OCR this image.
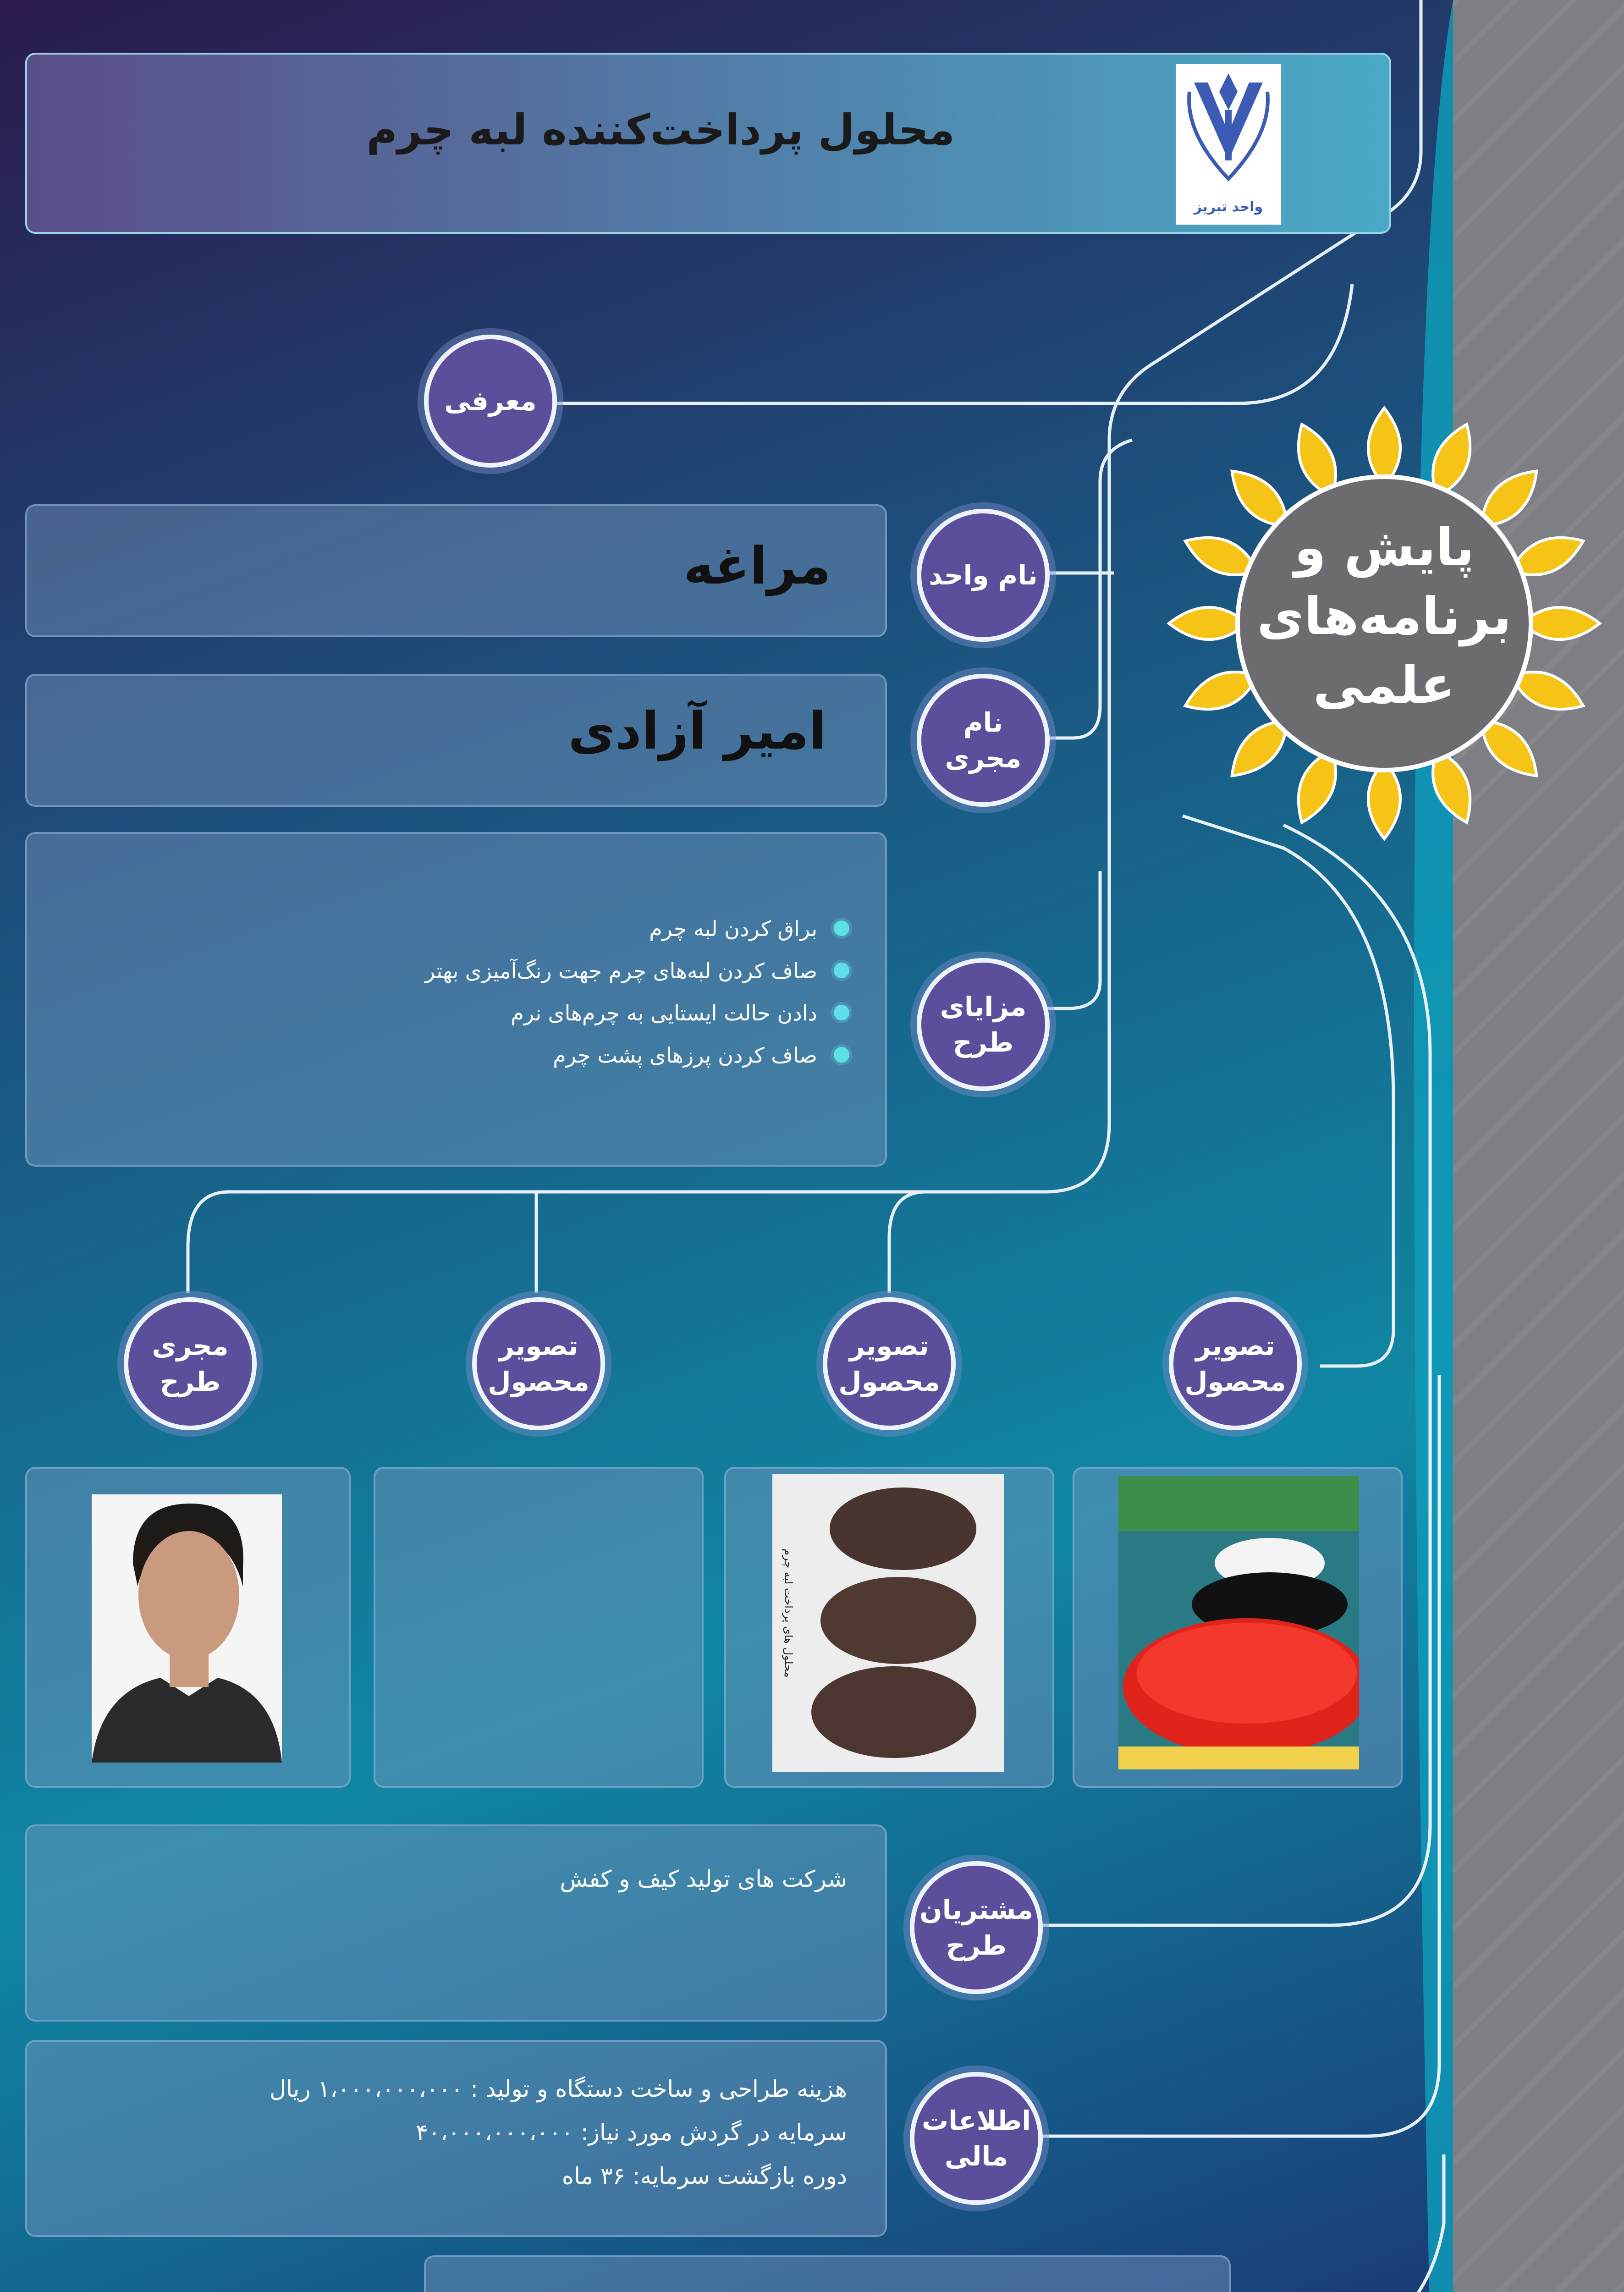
محلول پرداخت‌کننده لبه چرم
واحد تبریز
معرفی
پایش و برنامه‌های علمی
مراغه	نام واحد
امیر آزادی	نام مجری
براق کردن لبه چرم
صاف کردن لبه‌های چرم جهت رنگ‌آمیزی بهتر
دادن حالت ایستایی به چرم‌های نرم
صاف کردن پرزهای پشت چرم
مزایای
طرح
تصویر
محصول
تصویر
محصول
تصویر
محصول
مجری
طرح
محلول های پرداخت لبه چرم
شرکت های تولید کیف و کفش
مشتریان
طرح
هزینه طراحی و ساخت دستگاه و تولید : ۱،۰۰۰،۰۰۰،۰۰۰ ریال
سرمایه در گردش مورد نیاز: ۴۰،۰۰۰،۰۰۰،۰۰۰
دوره بازگشت سرمایه: ۳۶ ماه
اطلاعات
مالی
